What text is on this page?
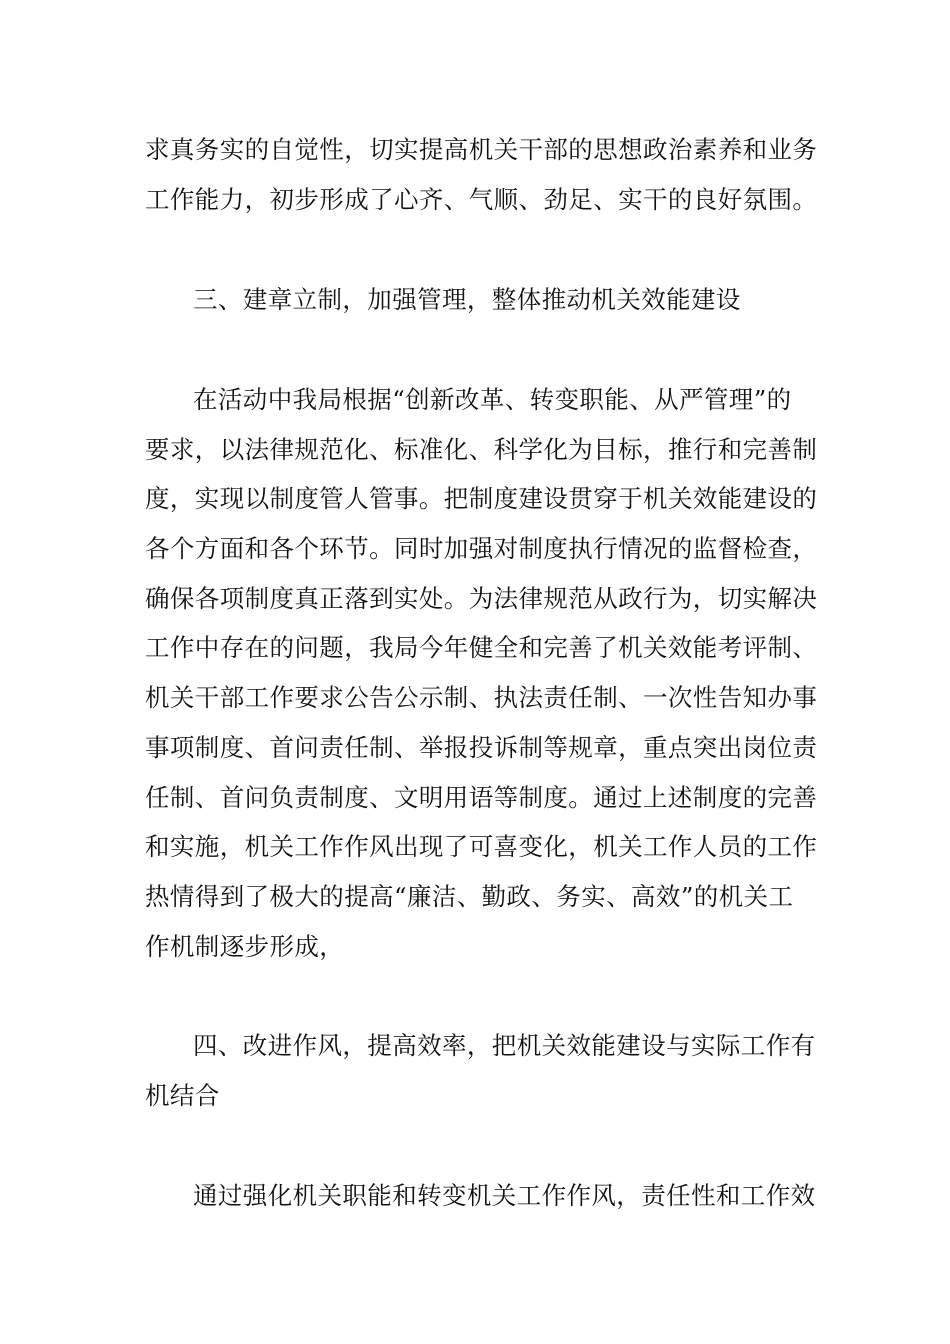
求真务实的自觉性，切实提高机关干部的思想政治素养和业务
工作能力，初步形成了心齐、气顺、劲足、实干的良好氛围。
三、建章立制，加强管理，整体推动机关效能建设
在活动中我局根据“创新改革、转变职能、从严管理”的
要求，以法律规范化、标准化、科学化为目标，推行和完善制
度，实现以制度管人管事。把制度建设贯穿于机关效能建设的
各个方面和各个环节。同时加强对制度执行情况的监督检查，
确保各项制度真正落到实处。为法律规范从政行为，切实解决
工作中存在的问题，我局今年健全和完善了机关效能考评制、
机关干部工作要求公告公示制、执法责任制、一次性告知办事
事项制度、首问责任制、举报投诉制等规章，重点突出岗位责
任制、首问负责制度、文明用语等制度。通过上述制度的完善
和实施，机关工作作风出现了可喜变化，机关工作人员的工作
热情得到了极大的提高“廉洁、勤政、务实、高效”的机关工
作机制逐步形成，
四、改进作风，提高效率，把机关效能建设与实际工作有
机结合
通过强化机关职能和转变机关工作作风，责任性和工作效
